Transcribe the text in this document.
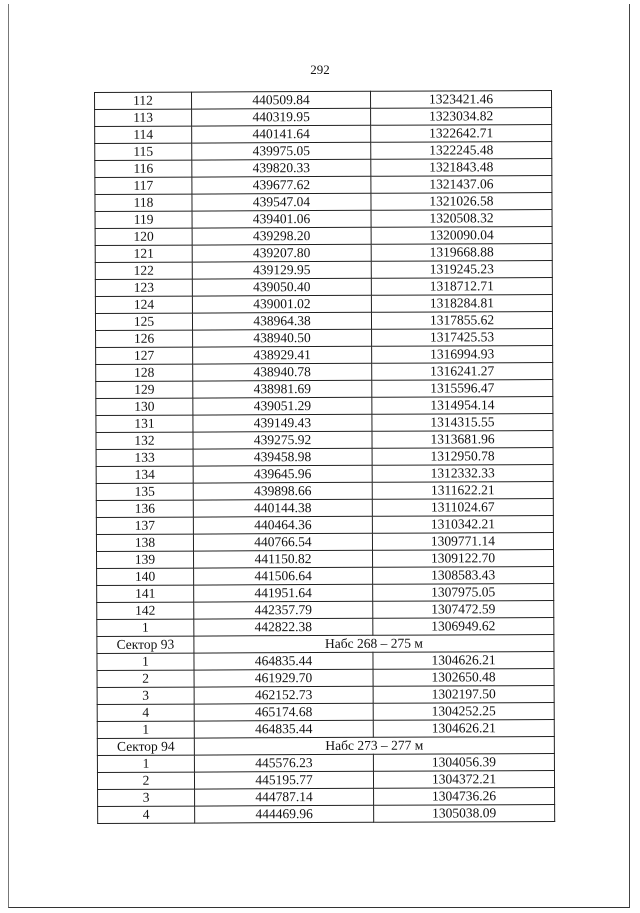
292
112	440509.84	1323421.46
113	440319.95	1323034.82
114	440141.64	1322642.71
115	439975.05	1322245.48
116	439820.33	1321843.48
117	439677.62	1321437.06
118	439547.04	1321026.58
119	439401.06	1320508.32
120	439298.20	1320090.04
121	439207.80	1319668.88
122	439129.95	1319245.23
123	439050.40	1318712.71
124	439001.02	1318284.81
125	438964.38	1317855.62
126	438940.50	1317425.53
127	438929.41	1316994.93
128	438940.78	1316241.27
129	438981.69	1315596.47
130	439051.29	1314954.14
131	439149.43	1314315.55
132	439275.92	1313681.96
133	439458.98	1312950.78
134	439645.96	1312332.33
135	439898.66	1311622.21
136	440144.38	1311024.67
137	440464.36	1310342.21
138	440766.54	1309771.14
139	441150.82	1309122.70
140	441506.64	1308583.43
141	441951.64	1307975.05
142	442357.79	1307472.59
1	442822.38	1306949.62
Сектор 93	Набс 268 – 275 м	
1	464835.44	1304626.21
2	461929.70	1302650.48
3	462152.73	1302197.50
4	465174.68	1304252.25
1	464835.44	1304626.21
Сектор 94	Набс 273 – 277 м	
1	445576.23	1304056.39
2	445195.77	1304372.21
3	444787.14	1304736.26
4	444469.96	1305038.09
